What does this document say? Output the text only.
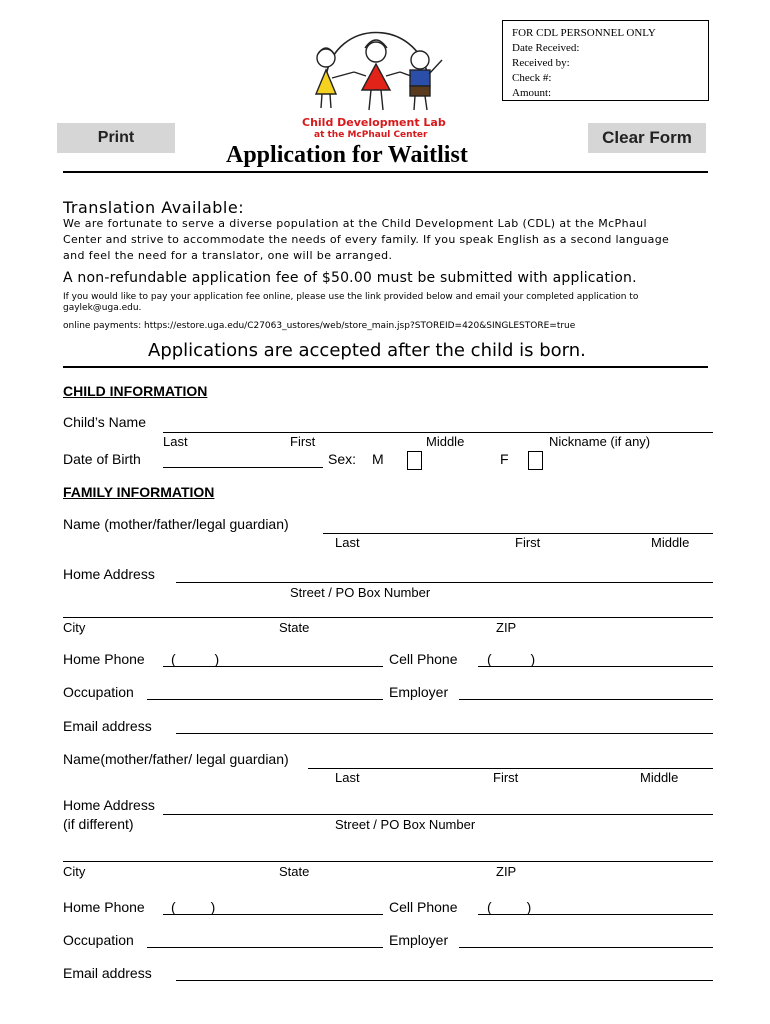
FOR CDL PERSONNEL ONLY
Date Received:
Received by:
Check #:
Amount:
Child Development Lab
at the McPhaul Center
Print	Clear Form
Application for Waitlist
Translation Available:
We are fortunate to serve a diverse population at the Child Development Lab (CDL) at the McPhaul
Center and strive to accommodate the needs of every family. If you speak English as a second language
and feel the need for a translator, one will be arranged.
A non-refundable application fee of $50.00 must be submitted with application.
If you would like to pay your application fee online, please use the link provided below and email your completed application to
gaylek@uga.edu.
online payments: https://estore.uga.edu/C27063_ustores/web/store_main.jsp?STOREID=420&SINGLESTORE=true
Applications are accepted after the child is born.
CHILD INFORMATION
Child’s Name
Last	First	Middle	Nickname (if any)
Date of Birth	Sex: M	F
FAMILY INFORMATION
Name (mother/father/legal guardian)
Last	First	Middle
Home Address
Street / PO Box Number
City	State	ZIP
Home Phone (          )	Cell Phone (          )
Occupation	Employer
Email address
Name(mother/father/ legal guardian)
Last	First	Middle
Home Address
(if different)	Street / PO Box Number
City	State	ZIP
Home Phone (         )	Cell Phone (         )
Occupation	Employer
Email address
